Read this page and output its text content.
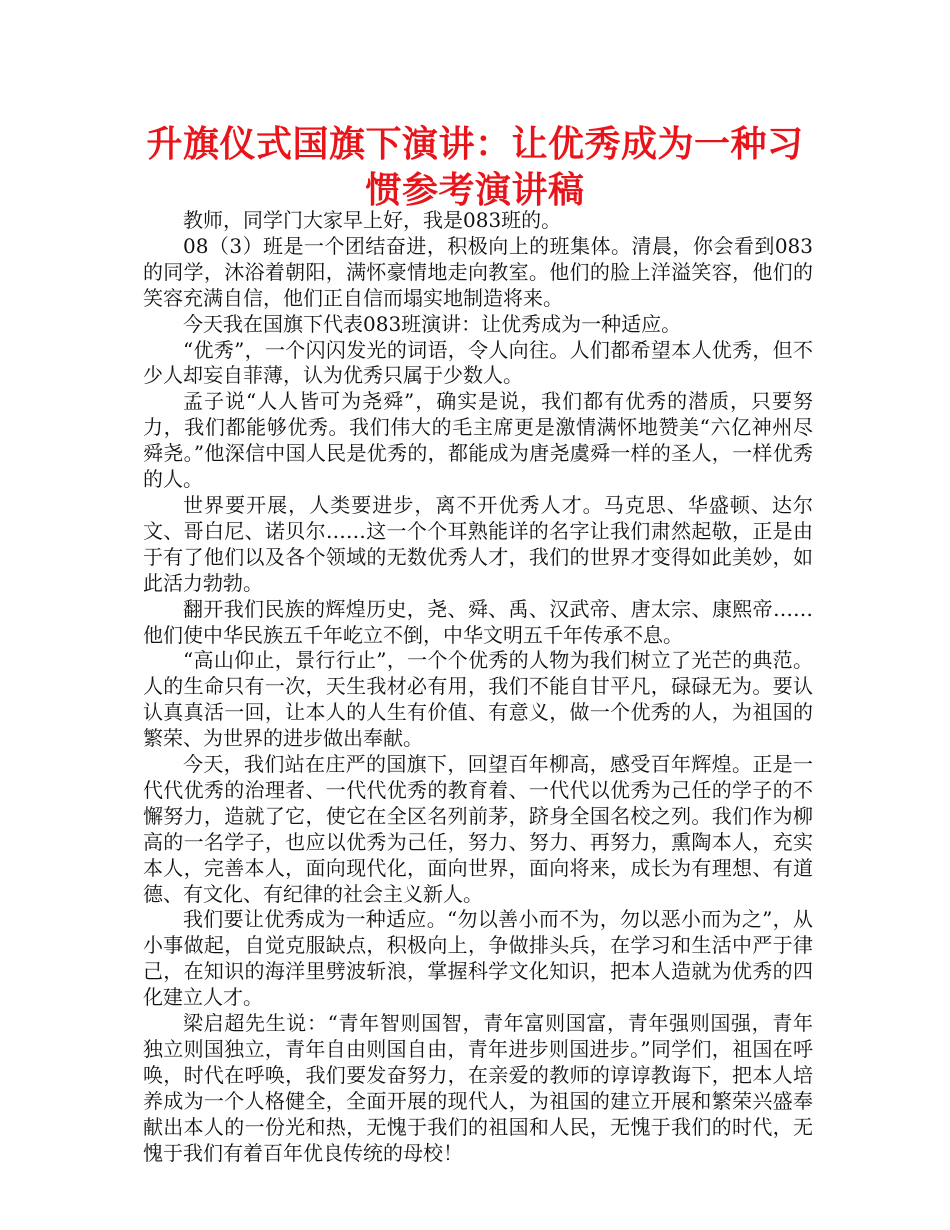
升旗仪式国旗下演讲：让优秀成为一种习惯参考演讲稿

教师，同学门大家早上好，我是083班的。

08（3）班是一个团结奋进，积极向上的班集体。清晨，你会看到083的同学，沐浴着朝阳，满怀豪情地走向教室。他们的脸上洋溢笑容，他们的笑容充满自信，他们正自信而塌实地制造将来。

今天我在国旗下代表083班演讲：让优秀成为一种适应。

“优秀”，一个闪闪发光的词语，令人向往。人们都希望本人优秀，但不少人却妄自菲薄，认为优秀只属于少数人。

孟子说“人人皆可为尧舜”，确实是说，我们都有优秀的潜质，只要努力，我们都能够优秀。我们伟大的毛主席更是激情满怀地赞美“六亿神州尽舜尧。”他深信中国人民是优秀的，都能成为唐尧虞舜一样的圣人，一样优秀的人。

世界要开展，人类要进步，离不开优秀人才。马克思、华盛顿、达尔文、哥白尼、诺贝尔……这一个个耳熟能详的名字让我们肃然起敬，正是由于有了他们以及各个领域的无数优秀人才，我们的世界才变得如此美妙，如此活力勃勃。

翻开我们民族的辉煌历史，尧、舜、禹、汉武帝、唐太宗、康熙帝……他们使中华民族五千年屹立不倒，中华文明五千年传承不息。

“高山仰止，景行行止”，一个个优秀的人物为我们树立了光芒的典范。人的生命只有一次，天生我材必有用，我们不能自甘平凡，碌碌无为。要认认真真活一回，让本人的人生有价值、有意义，做一个优秀的人，为祖国的繁荣、为世界的进步做出奉献。

今天，我们站在庄严的国旗下，回望百年柳高，感受百年辉煌。正是一代代优秀的治理者、一代代优秀的教育着、一代代以优秀为己任的学子的不懈努力，造就了它，使它在全区名列前茅，跻身全国名校之列。我们作为柳高的一名学子，也应以优秀为己任，努力、努力、再努力，熏陶本人，充实本人，完善本人，面向现代化，面向世界，面向将来，成长为有理想、有道德、有文化、有纪律的社会主义新人。

我们要让优秀成为一种适应。“勿以善小而不为，勿以恶小而为之”，从小事做起，自觉克服缺点，积极向上，争做排头兵，在学习和生活中严于律己，在知识的海洋里劈波斩浪，掌握科学文化知识，把本人造就为优秀的四化建立人才。

梁启超先生说：“青年智则国智，青年富则国富，青年强则国强，青年独立则国独立，青年自由则国自由，青年进步则国进步。”同学们，祖国在呼唤，时代在呼唤，我们要发奋努力，在亲爱的教师的谆谆教诲下，把本人培养成为一个人格健全，全面开展的现代人，为祖国的建立开展和繁荣兴盛奉献出本人的一份光和热，无愧于我们的祖国和人民，无愧于我们的时代，无愧于我们有着百年优良传统的母校！
